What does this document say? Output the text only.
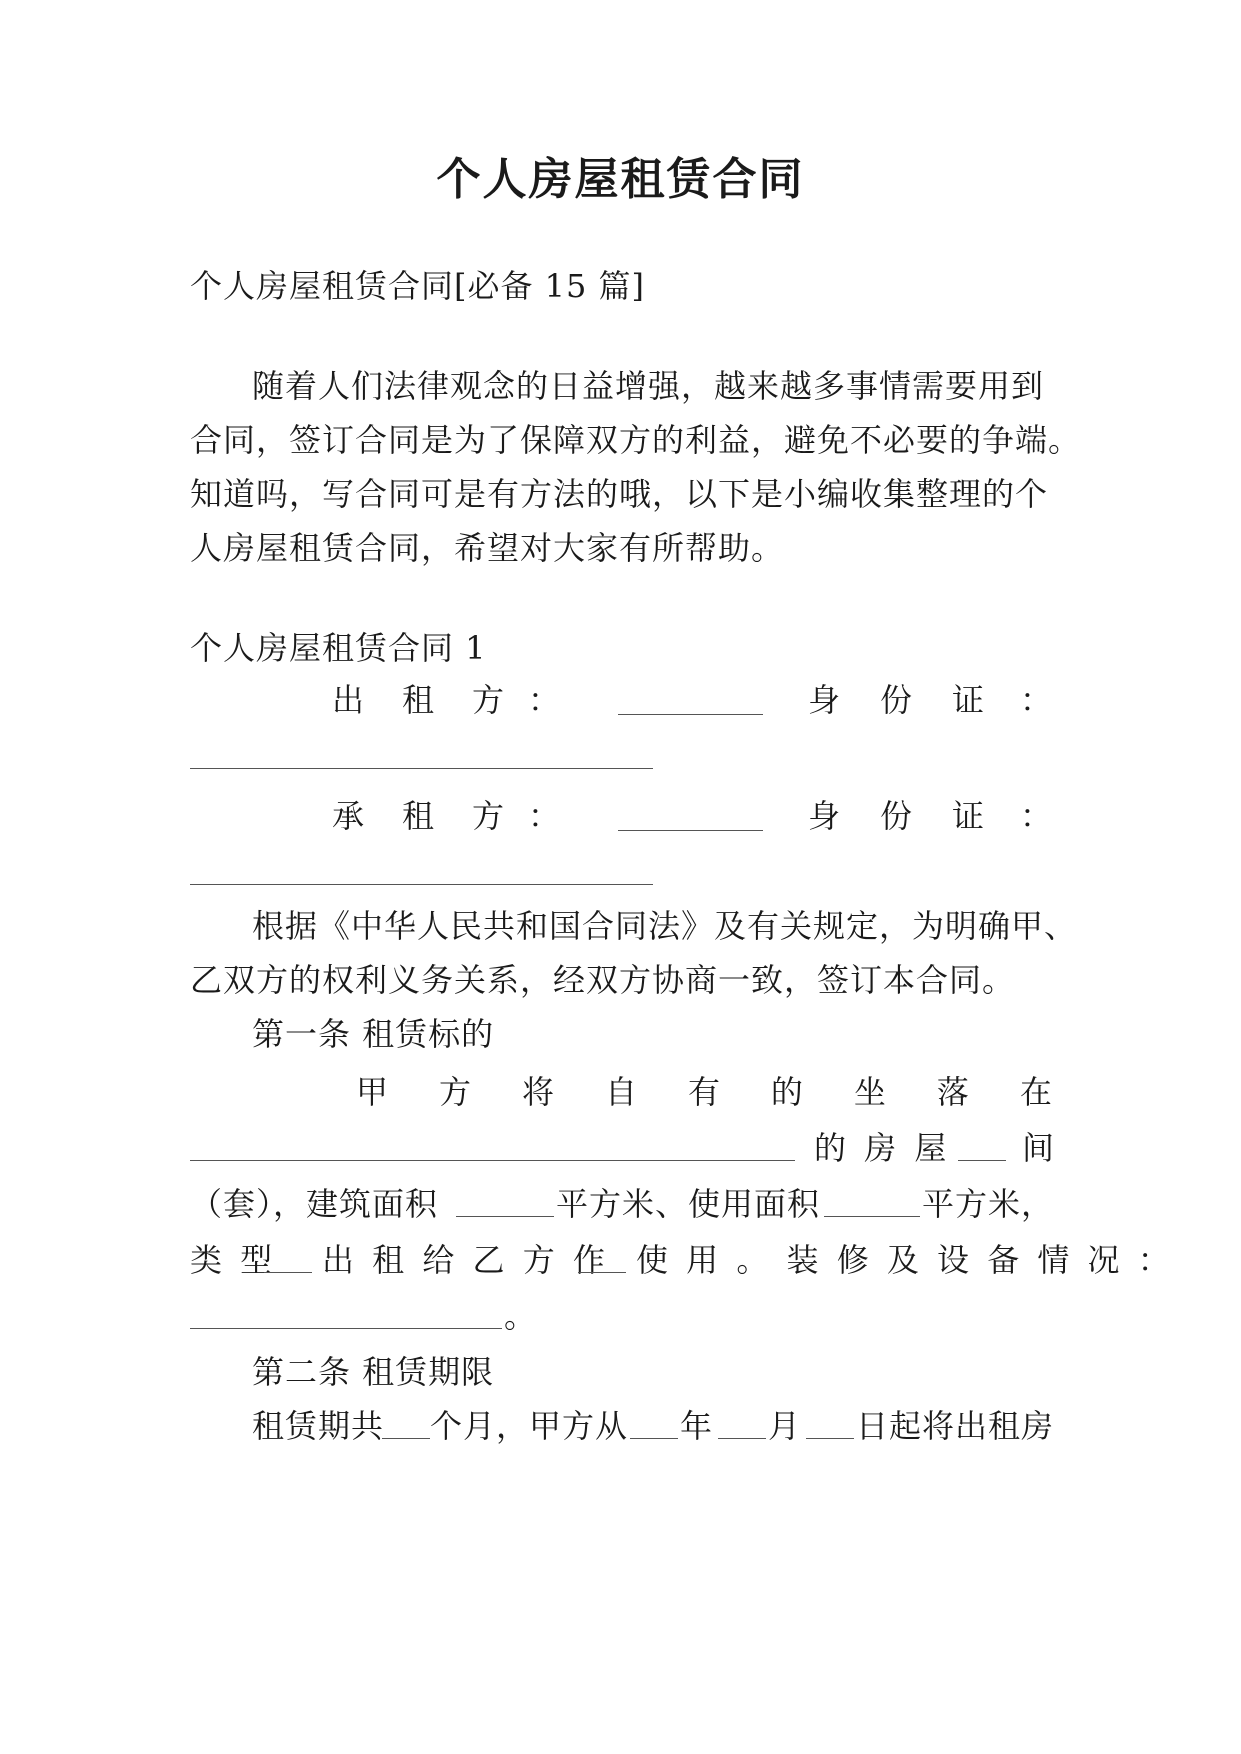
个人房屋租赁合同
个人房屋租赁合同[必备 15 篇]
随着人们法律观念的日益增强，越来越多事情需要用到
合同，签订合同是为了保障双方的利益，避免不必要的争端。
知道吗，写合同可是有方法的哦，以下是小编收集整理的个
人房屋租赁合同，希望对大家有所帮助。
个人房屋租赁合同 1
出 租 方 ：	身 份 证 ：
承 租 方 ：	身 份 证 ：
根据《中华人民共和国合同法》及有关规定，为明确甲、
乙双方的权利义务关系，经双方协商一致，签订本合同。
第一条 租赁标的
甲 方 将 自 有 的 坐 落 在
的 房 屋 间
（套），建筑面积	平方米、使用面积	平方米，
类 型 出 租 给 乙 方 作 使 用 。 装 修 及 设 备 情 况 ：
。
第二条 租赁期限
租赁期共 个月，甲方从 年 月 日起将出租房
